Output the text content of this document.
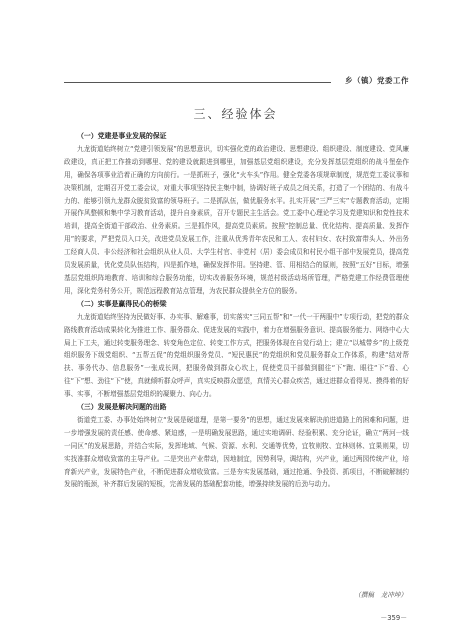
乡（镇）党委工作
三、经验体会
（一）党建是事业发展的保证

九龙街道始终树立“党建引领发展”的思想意识，切实强化党的政治建设、思想建设、组织建设、制度建设、党风廉政建设，真正把工作推动到哪里、党的建设就跟进到哪里，加强基层党组织建设，充分发挥基层党组织的战斗堡垒作用，确保各项事业沿着正确的方向前行。一是抓班子，强化“火车头”作用。健全党委各项规章制度，规范党工委议事和决策机制，定期召开党工委会议，对重大事项坚持民主集中制，协调好班子成员之间关系，打造了一个团结的、有战斗力的、能够引领九龙群众脱贫致富的领导班子。二是抓队伍，做优服务水平。扎实开展“三严三实”专题教育活动，定期开展作风整顿和集中学习教育活动，提升自身素质，召开专题民主生活会。党工委中心理论学习及党建知识和党性技术培训，提高全街道干部政治、业务素质。三是抓作风，提高党员素质。按照“控制总量、优化结构、提高质量、发挥作用”的要求，严把党员入口关，改进党员发展工作，注重从优秀青年农民和工人、农村妇女、农村致富带头人、外出务工经商人员、非公经济和社会组织从业人员、大学生村官、非党村（居）委会成员和村民小组干部中发展党员，提高党员发展质量，优化党员队伍结构，四是抓作地，确保发挥作用。坚持建、管、用相结合的原则，按照“五好”目标，增强基层党组织阵地教育、培训和综合服务功能，切实改善服务环境，规范村级活动场所管理，严格党建工作经费管理使用，深化党务村务公开，规范远程教育站点管理，为农民群众提供全方位的服务。

（二）实事是赢得民心的桥梁

九龙街道始终坚持为民做好事、办实事、解难事，切实落实“三同五帮”和“一代一干两服中”专项行动，把党的群众路线教育活动成果转化为推进工作、服务群众、促进发展的实践中，着力在增强服务意识、提高服务能力、网络中心大局上下工夫，通过转变服务理念、转变角色定位、转变工作方式，把服务体现在自觉行动上；建立“以城带乡”的上级党组织服务下级党组织、“五帮五促”的党组织服务党员、“短民惠民”的党组织和党员服务群众工作体系，构建“结对帮扶、事务代办、信息服务”一张成长网，把服务做到群众心坎上，促使党员干部做到腿往“下”跑、眼往“下”看、心往“下”想、劲往“下”使，真就倾听群众呼声，真实反映群众愿望，真情关心群众疾苦，通过进群众看得见、摸得着的好事、实事，不断增强基层党组织的凝聚力、向心力。

（三）发展是解决问题的出路

街道党工委、办事处始终树立“发展是硬道理，是第一要务”的思想，通过发展来解决前进道路上的困难和问题，进一步增强发展的责任感、使命感、紧迫感，一是明确发展思路，通过实地调研、经验积累、充分论证，确立“两河一线一同区”的发展思路，并结合实际，发挥地域、气候、资源、水利、交通等优势，宜牧则牧、宜林则林、宜果则果，切实找准群众增收致富的主导产业。二是突出产业带动，因地制宜，因势利导，调结构，兴产业，通过两园传统产业，培育新兴产业，发展特色产业，不断促进群众增收致富。三是夯实发展基础，通过抢通、争投资、抓项目，不断破解制约发展的瓶颈，补齐群后发展的短板，完善发展的基础配套功能，增强持续发展的后劲与动力。

（撰稿　龙冲坤）
－359－
